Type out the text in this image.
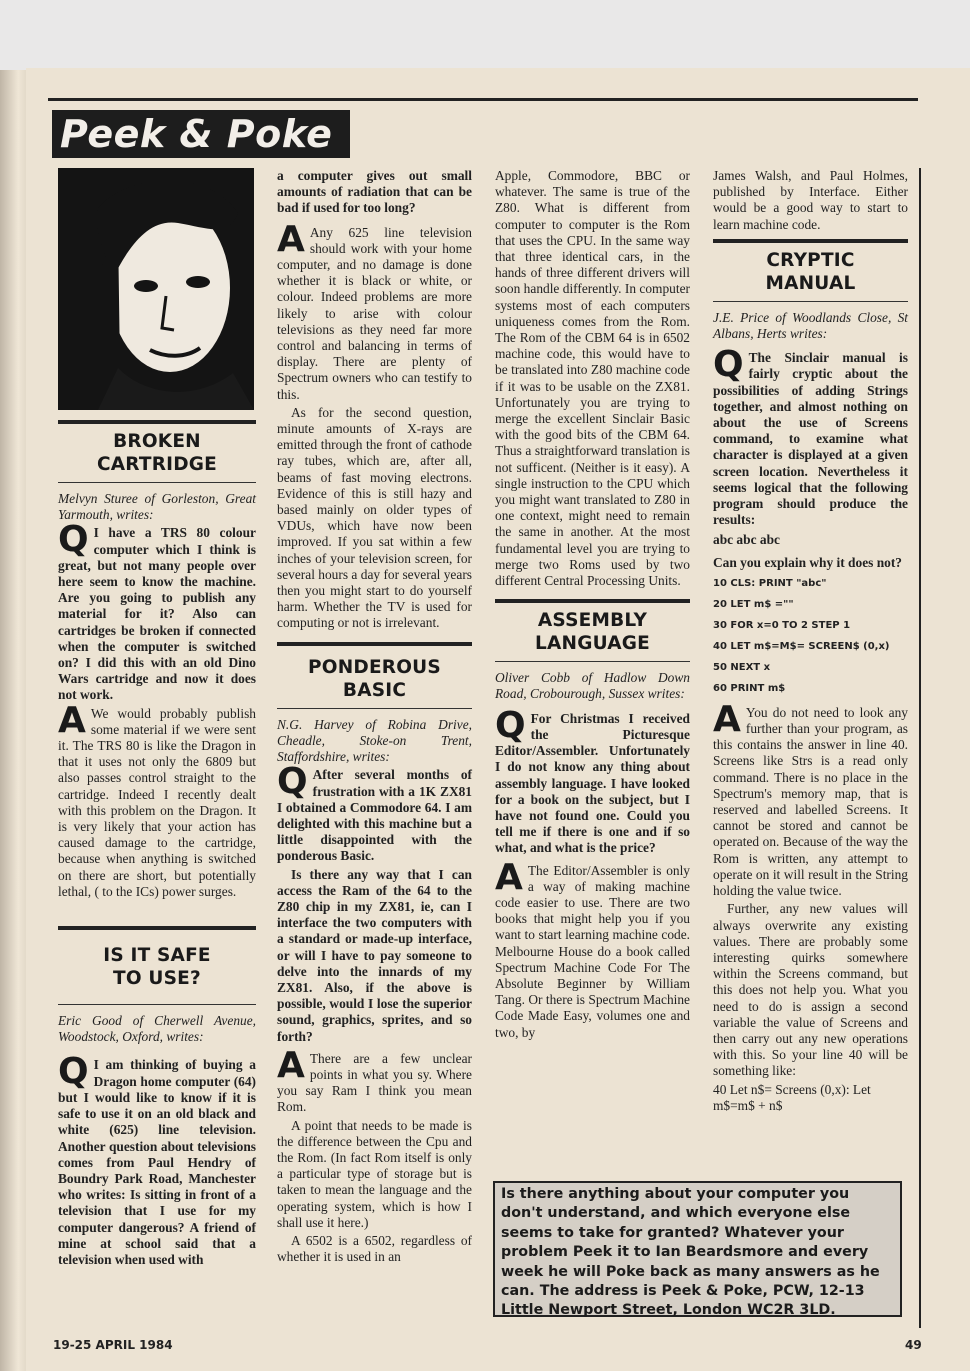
Peek & Poke
BROKEN
CARTRIDGE

Melvyn Sturee of Gorleston, Great Yarmouth, writes:

Q I have a TRS 80 colour computer which I think is great, but not many people over here seem to know the machine. Are you going to publish any material for it? Also can cartridges be broken if connected when the computer is switched on? I did this with an old Dino Wars cartridge and now it does not work.

A We would probably publish some material if we were sent it. The TRS 80 is like the Dragon in that it uses not only the 6809 but also passes control straight to the cartridge. Indeed I recently dealt with this problem on the Dragon. It is very likely that your action has caused damage to the cartridge, because when anything is switched on there are short, but potentially lethal, ( to the ICs) power surges.

IS IT SAFE
TO USE?

Eric Good of Cherwell Avenue, Woodstock, Oxford, writes:

Q I am thinking of buying a Dragon home computer (64) but I would like to know if it is safe to use it on an old black and white (625) line television. Another question about televisions comes from Paul Hendry of Boundry Park Road, Manchester who writes: Is sitting in front of a television that I use for my computer dangerous? A friend of mine at school said that a television when used with

a computer gives out small amounts of radiation that can be bad if used for too long?

A Any 625 line television should work with your home computer, and no damage is done whether it is black or white, or colour. Indeed problems are more likely to arise with colour televisions as they need far more control and balancing in terms of display. There are plenty of Spectrum owners who can testify to this.

As for the second question, minute amounts of X-rays are emitted through the front of cathode ray tubes, which are, after all, beams of fast moving electrons. Evidence of this is still hazy and based mainly on older types of VDUs, which have now been improved. If you sat within a few inches of your television screen, for several hours a day for several years then you might start to do yourself harm. Whether the TV is used for computing or not is irrelevant.

PONDEROUS
BASIC

N.G. Harvey of Robina Drive, Cheadle, Stoke-on Trent, Staffordshire, writes:

Q After several months of frustration with a 1K ZX81 I obtained a Commodore 64. I am delighted with this machine but a little disappointed with the ponderous Basic.

Is there any way that I can access the Ram of the 64 to the Z80 chip in my ZX81, ie, can I interface the two computers with a standard or made-up interface, or will I have to pay someone to delve into the innards of my ZX81. Also, if the above is possible, would I lose the superior sound, graphics, sprites, and so forth?

A There are a few unclear points in what you sy. Where you say Ram I think you mean Rom.

A point that needs to be made is the difference between the Cpu and the Rom. (In fact Rom itself is only a particular type of storage but is taken to mean the language and the operating system, which is how I shall use it here.)

A 6502 is a 6502, regardless of whether it is used in an

Apple, Commodore, BBC or whatever. The same is true of the Z80. What is different from computer to computer is the Rom that uses the CPU. In the same way that three identical cars, in the hands of three different drivers will soon handle differently. In computer systems most of each computers uniqueness comes from the Rom. The Rom of the CBM 64 is in 6502 machine code, this would have to be translated into Z80 machine code if it was to be usable on the ZX81. Unfortunately you are trying to merge the excellent Sinclair Basic with the good bits of the CBM 64. Thus a straightforward translation is not sufficent. (Neither is it easy). A single instruction to the CPU which you might want translated to Z80 in one context, might need to remain the same in another. At the most fundamental level you are trying to merge two Roms used by two different Central Processing Units.

ASSEMBLY
LANGUAGE

Oliver Cobb of Hadlow Down Road, Crobourough, Sussex writes:

Q For Christmas I received the Picturesque Editor/Assembler. Unfortunately I do not know any thing about assembly language. I have looked for a book on the subject, but I have not found one. Could you tell me if there is one and if so what, and what is the price?

A The Editor/Assembler is only a way of making machine code easier to use. There are two books that might help you if you want to start learning machine code. Melbourne House do a book called Spectrum Machine Code For The Absolute Beginner by William Tang. Or there is Spectrum Machine Code Made Easy, volumes one and two, by

James Walsh, and Paul Holmes, published by Interface. Either would be a good way to start to learn machine code.

CRYPTIC
MANUAL

J.E. Price of Woodlands Close, St Albans, Herts writes:

Q The Sinclair manual is fairly cryptic about the possibilities of adding Strings together, and almost nothing on about the use of Screens command, to examine what character is displayed at a given screen location. Nevertheless it seems logical that the following program should produce the results:

abc abc abc

Can you explain why it does not?

10 CLS: PRINT "abc"
20 LET m$ =""
30 FOR x=0 TO 2 STEP 1
40 LET m$=M$= SCREEN$ (0,x)
50 NEXT x
60 PRINT m$

A You do not need to look any further than your program, as this contains the answer in line 40. Screens like Strs is a read only command. There is no place in the Spectrum's memory map, that is reserved and labelled Screens. It cannot be stored and cannot be operated on. Because of the way the Rom is written, any attempt to operate on it will result in the String holding the value twice.

Further, any new values will always overwrite any existing values. There are probably some interesting quirks somewhere within the Screens command, but this does not help you. What you need to do is assign a second variable the value of Screens and then carry out any new operations with this. So your line 40 will be something like:

40 Let n$= Screens (0,x): Let m$=m$ + n$

Is there anything about your computer you don't understand, and which everyone else seems to take for granted? Whatever your problem Peek it to Ian Beardsmore and every week he will Poke back as many answers as he can. The address is Peek & Poke, PCW, 12-13 Little Newport Street, London WC2R 3LD.
19-25 APRIL 1984	49
